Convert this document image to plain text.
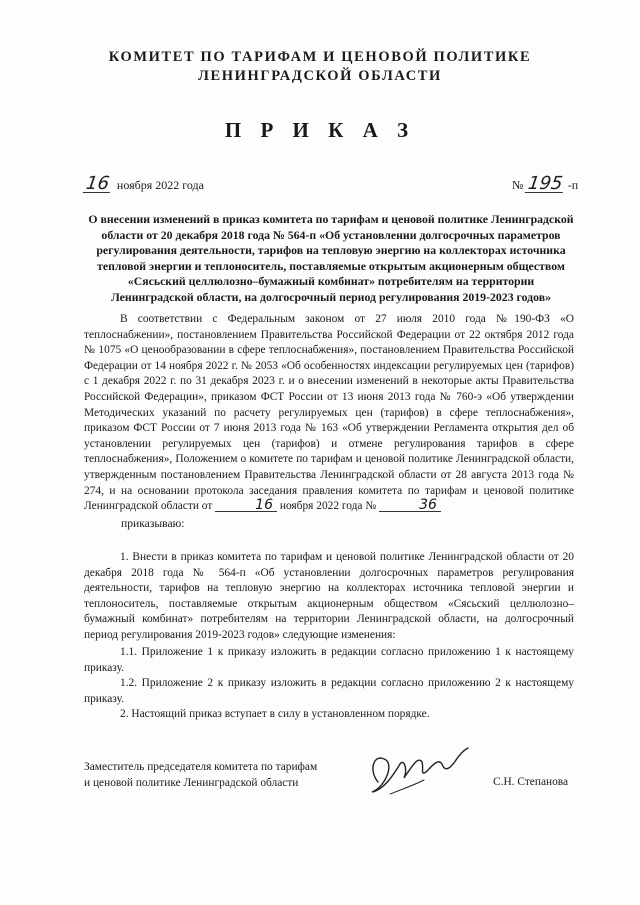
КОМИТЕТ ПО ТАРИФАМ И ЦЕНОВОЙ ПОЛИТИКЕ
ЛЕНИНГРАДСКОЙ ОБЛАСТИ
П Р И К А З
16 ноября 2022 года	№ 195 -п
О внесении изменений в приказ комитета по тарифам и ценовой политике Ленинградской области от 20 декабря 2018 года № 564-п «Об установлении долгосрочных параметров регулирования деятельности, тарифов на тепловую энергию на коллекторах источника тепловой энергии и теплоноситель, поставляемые открытым акционерным обществом «Сясьский целлюлозно–бумажный комбинат» потребителям на территории Ленинградской области, на долгосрочный период регулирования 2019-2023 годов»
В соответствии с Федеральным законом от 27 июля 2010 года №190-ФЗ «О теплоснабжении», постановлением Правительства Российской Федерации от 22 октября 2012 года № 1075 «О ценообразовании в сфере теплоснабжения», постановлением Правительства Российской Федерации от 14 ноября 2022 г. № 2053 «Об особенностях индексации регулируемых цен (тарифов) с 1 декабря 2022 г. по 31 декабря 2023 г. и о внесении изменений в некоторые акты Правительства Российской Федерации», приказом ФСТ России от 13 июня 2013 года № 760-э «Об утверждении Методических указаний по расчету регулируемых цен (тарифов) в сфере теплоснабжения», приказом ФСТ России от 7 июня 2013 года № 163 «Об утверждении Регламента открытия дел об установлении регулируемых цен (тарифов) и отмене регулирования тарифов в сфере теплоснабжения», Положением о комитете по тарифам и ценовой политике Ленинградской области, утвержденным постановлением Правительства Ленинградской области от 28 августа 2013 года № 274, и на основании протокола заседания правления комитета по тарифам и ценовой политике Ленинградской области от	16 ноября 2022 года №	36
приказываю:
1. Внести в приказ комитета по тарифам и ценовой политике Ленинградской области от 20 декабря 2018 года № 564-п «Об установлении долгосрочных параметров регулирования деятельности, тарифов на тепловую энергию на коллекторах источника тепловой энергии и теплоноситель, поставляемые открытым акционерным обществом «Сясьский целлюлозно–бумажный комбинат» потребителям на территории Ленинградской области, на долгосрочный период регулирования 2019-2023 годов» следующие изменения:
1.1. Приложение 1 к приказу изложить в редакции согласно приложению 1 к настоящему приказу.
1.2. Приложение 2 к приказу изложить в редакции согласно приложению 2 к настоящему приказу.
2. Настоящий приказ вступает в силу в установленном порядке.
Заместитель председателя комитета по тарифам
и ценовой политике Ленинградской области	С.Н. Степанова
